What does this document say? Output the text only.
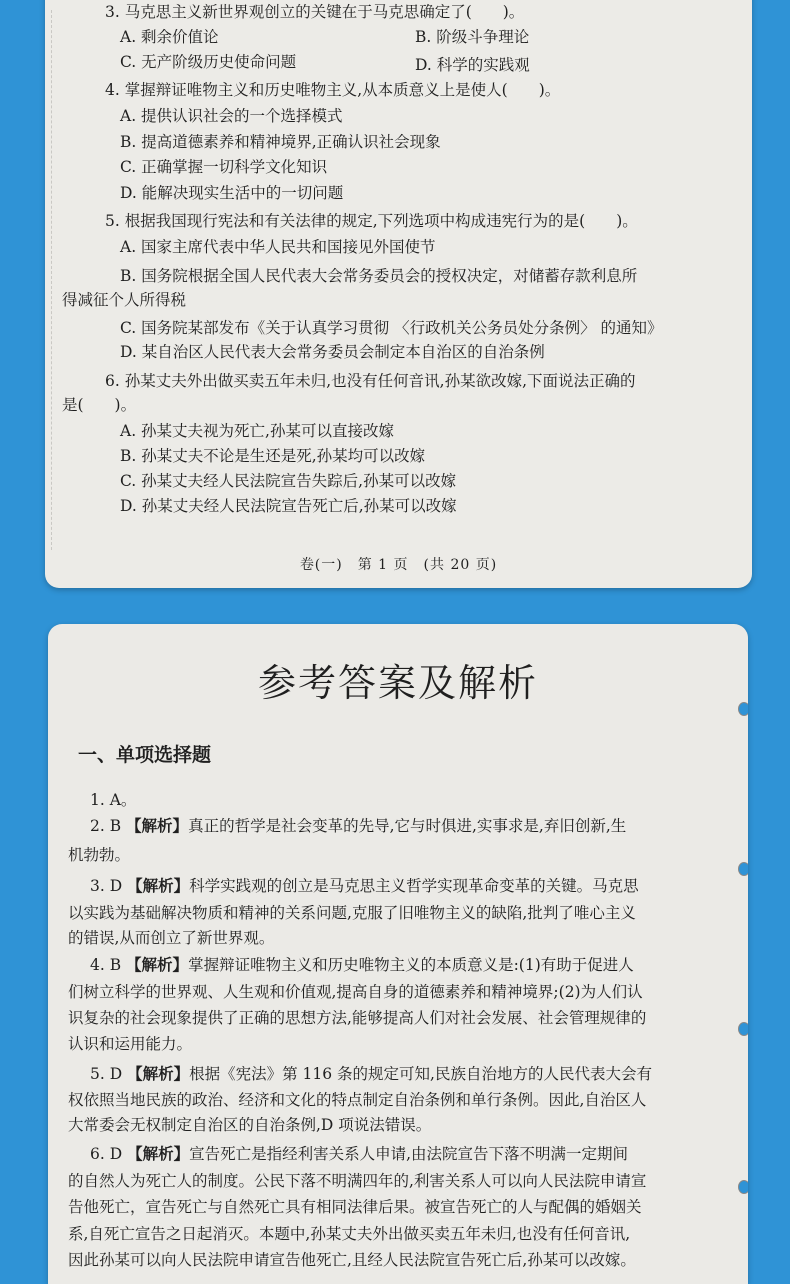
3. 马克思主义新世界观创立的关键在于马克思确定了(　　)。
A. 剩余价值论	B. 阶级斗争理论
C. 无产阶级历史使命问题	D. 科学的实践观
4. 掌握辩证唯物主义和历史唯物主义,从本质意义上是使人(　　)。
A. 提供认识社会的一个选择模式
B. 提高道德素养和精神境界,正确认识社会现象
C. 正确掌握一切科学文化知识
D. 能解决现实生活中的一切问题
5. 根据我国现行宪法和有关法律的规定,下列选项中构成违宪行为的是(　　)。
A. 国家主席代表中华人民共和国接见外国使节
B. 国务院根据全国人民代表大会常务委员会的授权决定，对储蓄存款利息所
得减征个人所得税
C. 国务院某部发布《关于认真学习贯彻 〈行政机关公务员处分条例〉 的通知》
D. 某自治区人民代表大会常务委员会制定本自治区的自治条例
6. 孙某丈夫外出做买卖五年未归,也没有任何音讯,孙某欲改嫁,下面说法正确的
是(　　)。
A. 孙某丈夫视为死亡,孙某可以直接改嫁
B. 孙某丈夫不论是生还是死,孙某均可以改嫁
C. 孙某丈夫经人民法院宣告失踪后,孙某可以改嫁
D. 孙某丈夫经人民法院宣告死亡后,孙某可以改嫁
卷(一)　第 1 页　(共 20 页)
参考答案及解析
一、单项选择题
1. A。
2. B 【解析】真正的哲学是社会变革的先导,它与时俱进,实事求是,弃旧创新,生
机勃勃。
3. D 【解析】科学实践观的创立是马克思主义哲学实现革命变革的关键。马克思
以实践为基础解决物质和精神的关系问题,克服了旧唯物主义的缺陷,批判了唯心主义
的错误,从而创立了新世界观。
4. B 【解析】掌握辩证唯物主义和历史唯物主义的本质意义是:(1)有助于促进人
们树立科学的世界观、人生观和价值观,提高自身的道德素养和精神境界;(2)为人们认
识复杂的社会现象提供了正确的思想方法,能够提高人们对社会发展、社会管理规律的
认识和运用能力。
5. D 【解析】根据《宪法》第 116 条的规定可知,民族自治地方的人民代表大会有
权依照当地民族的政治、经济和文化的特点制定自治条例和单行条例。因此,自治区人
大常委会无权制定自治区的自治条例,D 项说法错误。
6. D 【解析】宣告死亡是指经利害关系人申请,由法院宣告下落不明满一定期间
的自然人为死亡人的制度。公民下落不明满四年的,利害关系人可以向人民法院申请宣
告他死亡，宣告死亡与自然死亡具有相同法律后果。被宣告死亡的人与配偶的婚姻关
系,自死亡宣告之日起消灭。本题中,孙某丈夫外出做买卖五年未归,也没有任何音讯,
因此孙某可以向人民法院申请宣告他死亡,且经人民法院宣告死亡后,孙某可以改嫁。
